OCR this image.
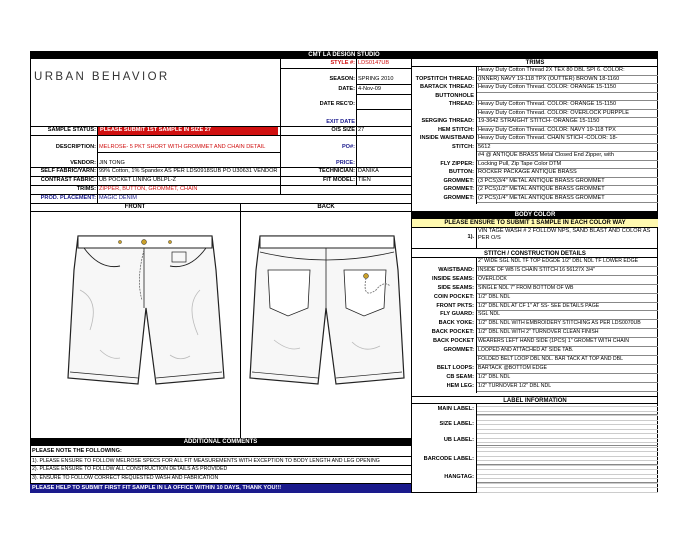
CMT LA DESIGN STUDIO
URBAN BEHAVIOR
STYLE #: LDS0147UB
SEASON: SPRING 2010
DATE: 4-Nov-09
DATE REC'D:
EXIT DATE
SAMPLE STATUS: PLEASE SUBMIT 1ST SAMPLE IN SIZE 27	O/S SIZE 27
DESCRIPTION: MELROSE- 5 PKT SHORT WITH GROMMET AND CHAIN DETAIL	PO#:
VENDOR: JIN TONG	PRICE:
SELF FABRIC/YARN: 99% Cotton, 1% Spandex AS PER LDS0918SUB PO U30631 VENDOR	TECHNICIAN: DANIKA
CONTRAST FABRIC: UB POCKET LINING UBLPL-Z	FIT MODEL: TIEN
TRIMS: ZIPPER, BUTTON, GROMMET, CHAIN
PROD. PLACEMENT: MAGIC DENIM
FRONT	BACK
ADDITIONAL COMMENTS
PLEASE NOTE THE FOLLOWING:
1). PLEASE ENSURE TO FOLLOW MELROSE SPECS FOR ALL FIT MEASUREMENTS WITH EXCEPTION TO BODY LENGTH AND LEG OPENING
2). PLEASE ENSURE TO FOLLOW ALL CONSTRUCTION DETAILS AS PROVIDED
3). ENSURE TO FOLLOW CORRECT REQUESTED WASH AND FABRICATION
PLEASE HELP TO SUBMIT FIRST FIT SAMPLE IN LA OFFICE WITHIN 10 DAYS, THANK YOU!!!
TRIMS
Heavy Duty Cotton Thread 2X TEX 80 DBL SPI 6. COLOR:
TOPSTITCH THREAD: (INNER) NAVY 19-118 TPX (OUTTER) BROWN 18-1160
BARTACK THREAD: Heavy Duty Cotton Thread. COLOR: ORANGE 15-1150
BUTTONHOLE
THREAD: Heavy Duty Cotton Thread. COLOR: ORANGE 15-1150
Heavy Duty Cotton Thread. COLOR: OVERLOCK PURPPLE
SERGING THREAD: 19-3642 STRAIGHT STITCH- ORANGE 15-1150
HEM STITCH: Heavy Duty Cotton Thread. COLOR: NAVY 19-118 TPX
INSIDE WAISTBAND Heavy Duty Cotton Thread. CHAIN STICH -COLOR: 18-
STITCH: 5612
#4 @ ANTIQUE BRASS Metal Closed End Zipper, with
FLY ZIPPER: Locking Pull, Zip Tape Color DTM
BUTTON: ROCKER PACKAGE ANTIQUE BRASS
GROMMET: (3 PCS)3/4" METAL ANTIQUE BRASS GROMMET
GROMMET: (2 PCS)1/2" METAL ANTIQUE BRASS GROMMET
GROMMET: (2 PCS)1/4" METAL ANTIQUE BRASS GROMMET
BODY COLOR
PLEASE ENSURE TO SUBMIT 1 SAMPLE IN EACH COLOR WAY
1).
VIN TAGE WASH # 2 FOLLOW NPS, SAND BLAST AND COLOR AS PER O/S
STITCH / CONSTRUCTION DETAILS
2" WIDE SGL NDL TF TOP EDGDE 1/2" DBL NDL TF LOWER EDGE
WAISTBAND: INSIDE OF WB IS CHAIN STITCH 16 56127X 3/4"
INSIDE SEAMS: OVERLOCK
SIDE SEAMS: SINGLE NDL 7" FROM BOTTOM OF WB
COIN POCKET: 1/2" DBL NDL
FRONT PKTS: 1/2" DBL NDL AT CF 1" AT SS- SEE DETAILS PAGE
FLY GUARD: SGL NDL
BACK YOKE: 1/2" DBL NDL WITH EMBROIDERY STITCHING AS PER LDS0070UB
BACK POCKET: 1/2" DBL NDL WITH 2" TURNOVER CLEAN FINISH
BACK POCKET WEARERS LEFT HAND SIDE (1PCS) 1" GROMET WITH CHAIN
GROMMET: LOOPED AND ATTACHED AT SIDE TAB.
FOLDED BELT LOOP DBL NDL. BAR TACK AT TOP AND DBL
BELT LOOPS: BARTACK @BOTTOM EDGE
CB SEAM: 1/2" DBL NDL
HEM LEG: 1/2" TURNOVER 1/2" DBL NDL
LABEL INFORMATION
MAIN LABEL:
SIZE LABEL:
UB LABEL:
BARCODE LABEL:
HANGTAG:
